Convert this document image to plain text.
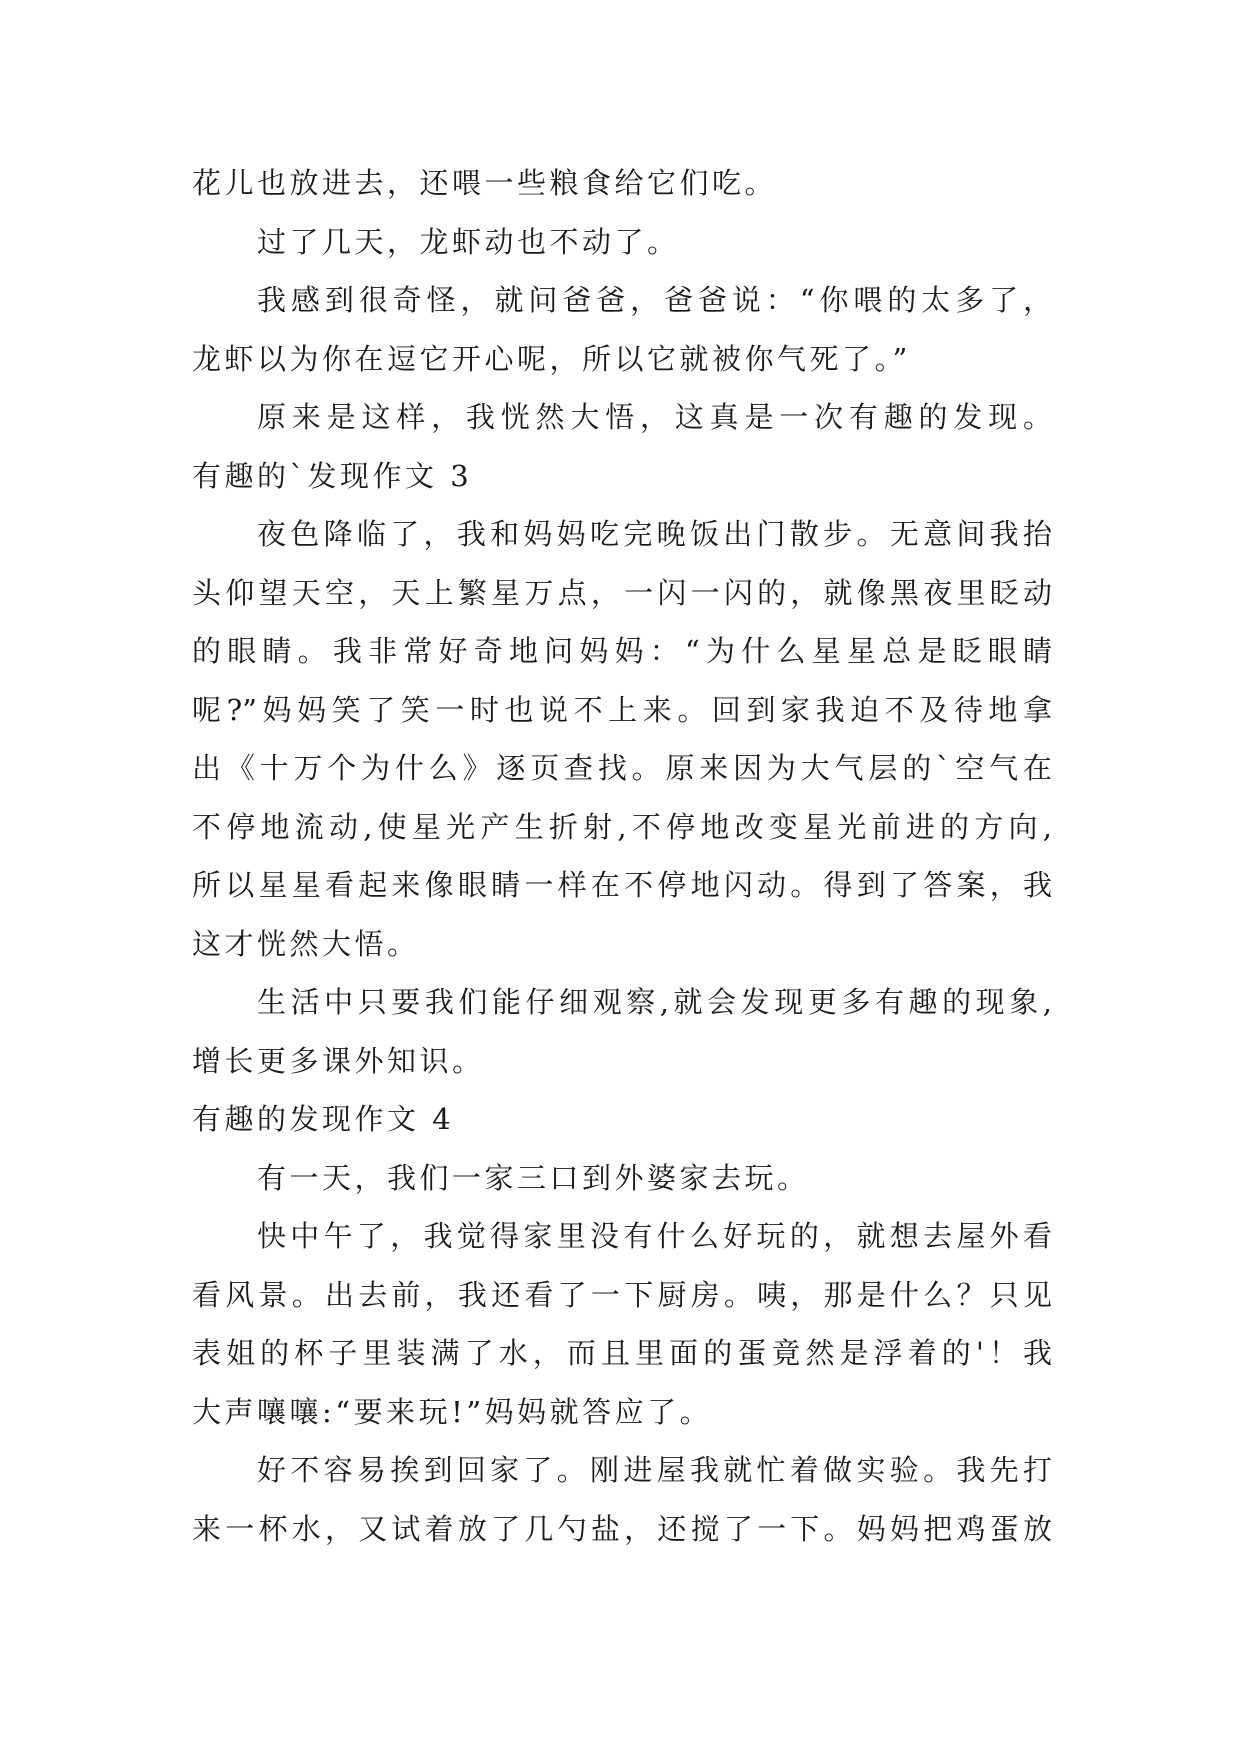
花儿也放进去，还喂一些粮食给它们吃。
过了几天，龙虾动也不动了。
我感到很奇怪，就问爸爸，爸爸说：“你喂的太多了，
龙虾以为你在逗它开心呢，所以它就被你气死了。”
原来是这样，我恍然大悟，这真是一次有趣的发现。
有趣的`发现作文 3
夜色降临了，我和妈妈吃完晚饭出门散步。无意间我抬
头仰望天空，天上繁星万点，一闪一闪的，就像黑夜里眨动
的眼睛。我非常好奇地问妈妈：“为什么星星总是眨眼睛
呢?”妈妈笑了笑一时也说不上来。回到家我迫不及待地拿
出《十万个为什么》逐页查找。原来因为大气层的`空气在
不停地流动,使星光产生折射,不停地改变星光前进的方向,
所以星星看起来像眼睛一样在不停地闪动。得到了答案，我
这才恍然大悟。
生活中只要我们能仔细观察,就会发现更多有趣的现象,
增长更多课外知识。
有趣的发现作文 4
有一天，我们一家三口到外婆家去玩。
快中午了，我觉得家里没有什么好玩的，就想去屋外看
看风景。出去前，我还看了一下厨房。咦，那是什么？只见
表姐的杯子里装满了水，而且里面的蛋竟然是浮着的'！我
大声嚷嚷:“要来玩!”妈妈就答应了。
好不容易挨到回家了。刚进屋我就忙着做实验。我先打
来一杯水，又试着放了几勺盐，还搅了一下。妈妈把鸡蛋放
